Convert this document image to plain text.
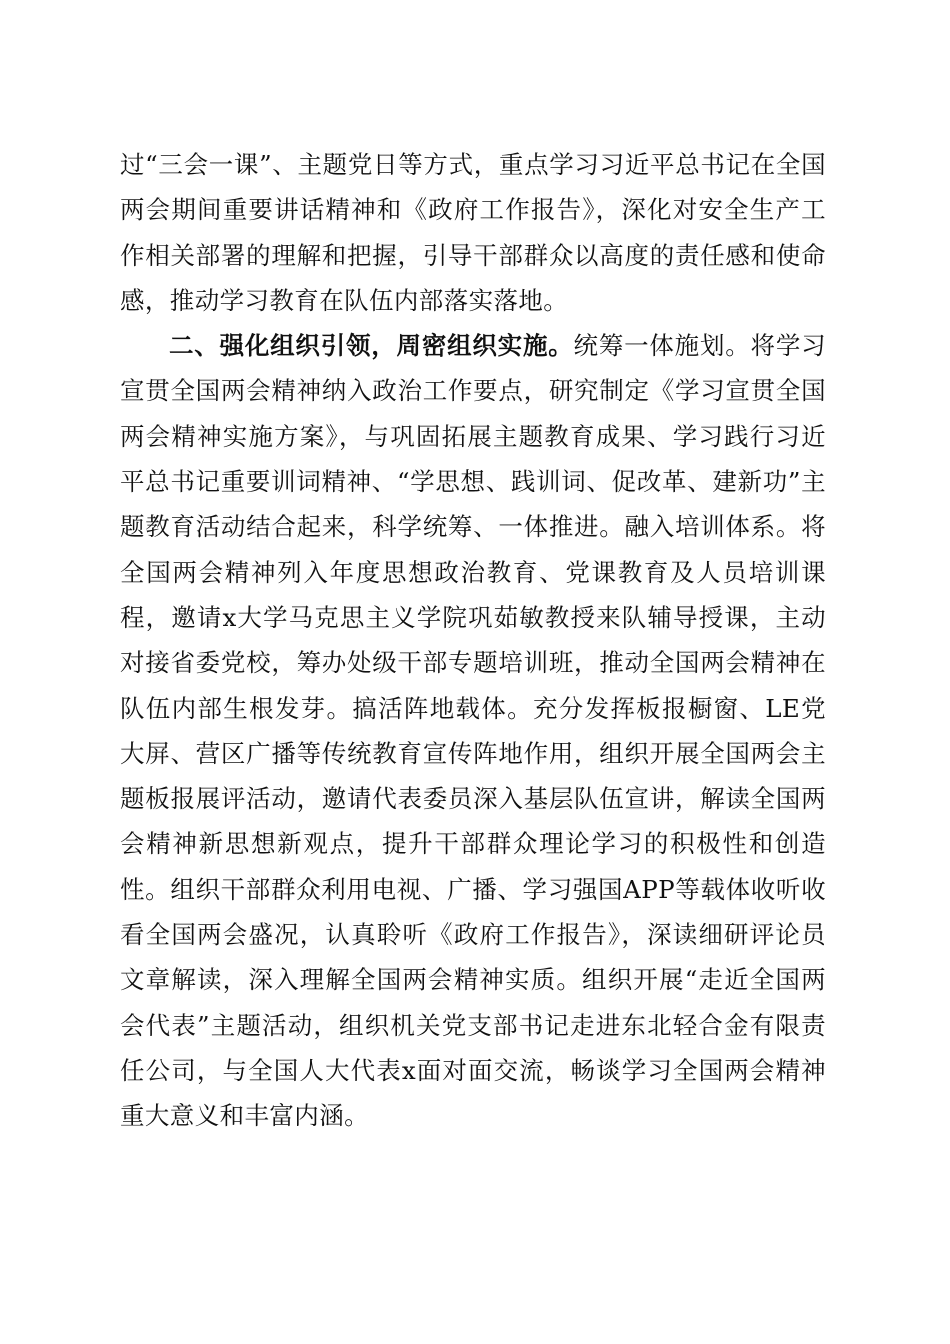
过“三会一课”、主题党日等方式，重点学习习近平总书记在全国两会期间重要讲话精神和《政府工作报告》，深化对安全生产工作相关部署的理解和把握，引导干部群众以高度的责任感和使命感，推动学习教育在队伍内部落实落地。

二、强化组织引领，周密组织实施。统筹一体施划。将学习宣贯全国两会精神纳入政治工作要点，研究制定《学习宣贯全国两会精神实施方案》，与巩固拓展主题教育成果、学习践行习近平总书记重要训词精神、“学思想、践训词、促改革、建新功”主题教育活动结合起来，科学统筹、一体推进。融入培训体系。将全国两会精神列入年度思想政治教育、党课教育及人员培训课程，邀请x大学马克思主义学院巩茹敏教授来队辅导授课，主动对接省委党校，筹办处级干部专题培训班，推动全国两会精神在队伍内部生根发芽。搞活阵地载体。充分发挥板报橱窗、LE党大屏、营区广播等传统教育宣传阵地作用，组织开展全国两会主题板报展评活动，邀请代表委员深入基层队伍宣讲，解读全国两会精神新思想新观点，提升干部群众理论学习的积极性和创造性。组织干部群众利用电视、广播、学习强国APP等载体收听收看全国两会盛况，认真聆听《政府工作报告》，深读细研评论员文章解读，深入理解全国两会精神实质。组织开展“走近全国两会代表”主题活动，组织机关党支部书记走进东北轻合金有限责任公司，与全国人大代表x面对面交流，畅谈学习全国两会精神重大意义和丰富内涵。
